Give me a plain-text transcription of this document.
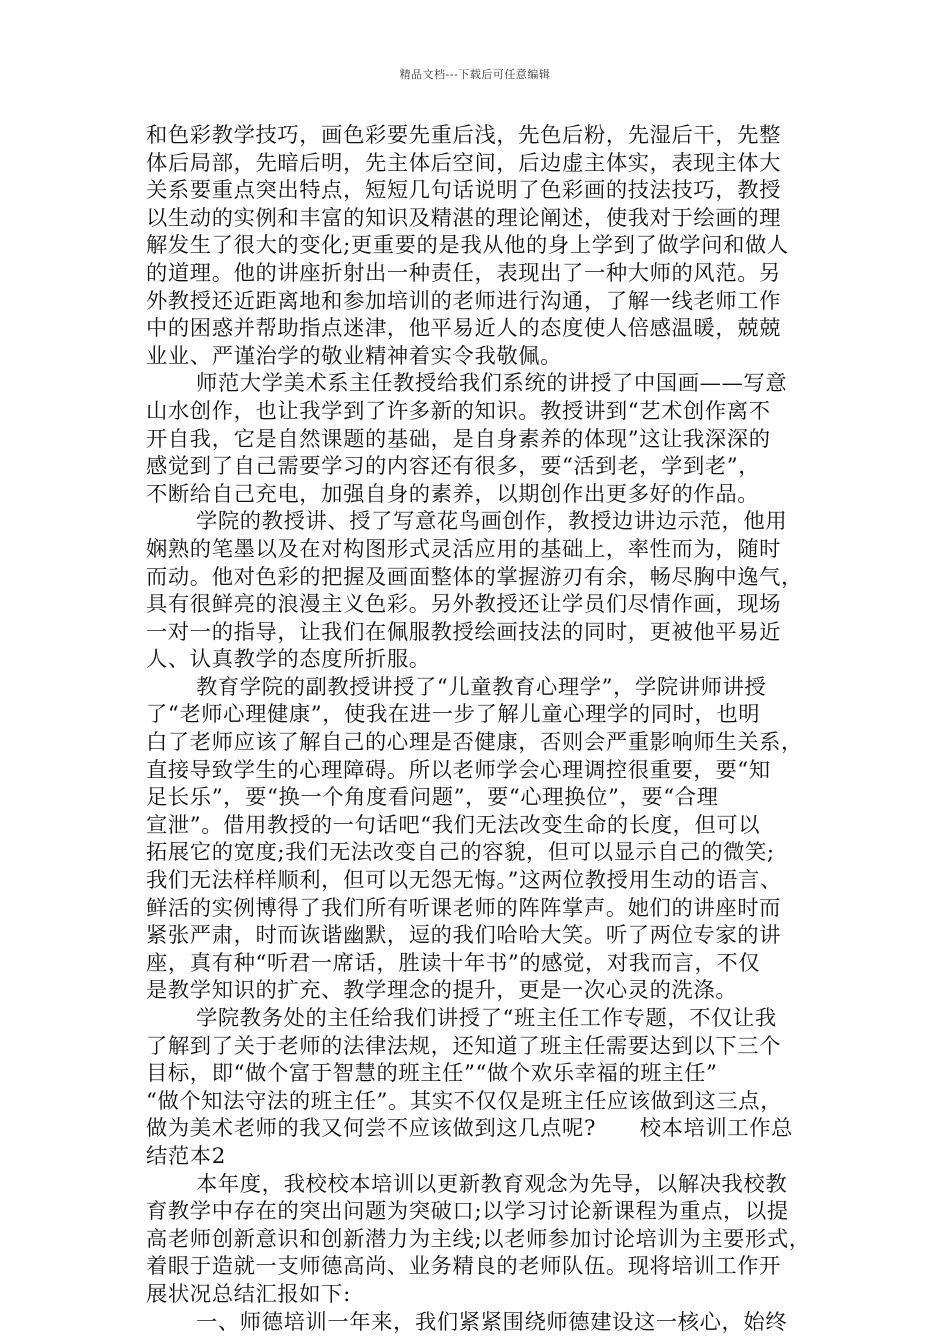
精品文档---下载后可任意编辑
和色彩教学技巧，画色彩要先重后浅，先色后粉，先湿后干，先整
体后局部，先暗后明，先主体后空间，后边虚主体实，表现主体大
关系要重点突出特点，短短几句话说明了色彩画的技法技巧，教授
以生动的实例和丰富的知识及精湛的理论阐述，使我对于绘画的理
解发生了很大的变化;更重要的是我从他的身上学到了做学问和做人
的道理。他的讲座折射出一种责任，表现出了一种大师的风范。另
外教授还近距离地和参加培训的老师进行沟通，了解一线老师工作
中的困惑并帮助指点迷津，他平易近人的态度使人倍感温暖，兢兢
业业、严谨治学的敬业精神着实令我敬佩。
师范大学美术系主任教授给我们系统的讲授了中国画——写意
山水创作，也让我学到了许多新的知识。教授讲到“艺术创作离不
开自我，它是自然课题的基础，是自身素养的体现”这让我深深的
感觉到了自己需要学习的内容还有很多，要“活到老，学到老”，
不断给自己充电，加强自身的素养，以期创作出更多好的作品。
学院的教授讲、授了写意花鸟画创作，教授边讲边示范，他用
娴熟的笔墨以及在对构图形式灵活应用的基础上，率性而为，随时
而动。他对色彩的把握及画面整体的掌握游刃有余，畅尽胸中逸气，
具有很鲜亮的浪漫主义色彩。另外教授还让学员们尽情作画，现场
一对一的指导，让我们在佩服教授绘画技法的同时，更被他平易近
人、认真教学的态度所折服。
教育学院的副教授讲授了“儿童教育心理学”，学院讲师讲授
了“老师心理健康”，使我在进一步了解儿童心理学的同时，也明
白了老师应该了解自己的心理是否健康，否则会严重影响师生关系，
直接导致学生的心理障碍。所以老师学会心理调控很重要，要“知
足长乐”，要“换一个角度看问题”，要“心理换位”，要“合理
宣泄”。借用教授的一句话吧“我们无法改变生命的长度，但可以
拓展它的宽度;我们无法改变自己的容貌，但可以显示自己的微笑;
我们无法样样顺利，但可以无怨无悔。”这两位教授用生动的语言、
鲜活的实例博得了我们所有听课老师的阵阵掌声。她们的讲座时而
紧张严肃，时而诙谐幽默，逗的我们哈哈大笑。听了两位专家的讲
座，真有种“听君一席话，胜读十年书”的感觉，对我而言，不仅
是教学知识的扩充、教学理念的提升，更是一次心灵的洗涤。
学院教务处的主任给我们讲授了“班主任工作专题，不仅让我
了解到了关于老师的法律法规，还知道了班主任需要达到以下三个
目标，即“做个富于智慧的班主任”“做个欢乐幸福的班主任”
“做个知法守法的班主任”。其实不仅仅是班主任应该做到这三点，
做为美术老师的我又何尝不应该做到这几点呢?　　校本培训工作总
结范本2
本年度，我校校本培训以更新教育观念为先导，以解决我校教
育教学中存在的突出问题为突破口;以学习讨论新课程为重点，以提
高老师创新意识和创新潜力为主线;以老师参加讨论培训为主要形式，
着眼于造就一支师德高尚、业务精良的老师队伍。现将培训工作开
展状况总结汇报如下:
一、师德培训一年来，我们紧紧围绕师德建设这一核心，始终
